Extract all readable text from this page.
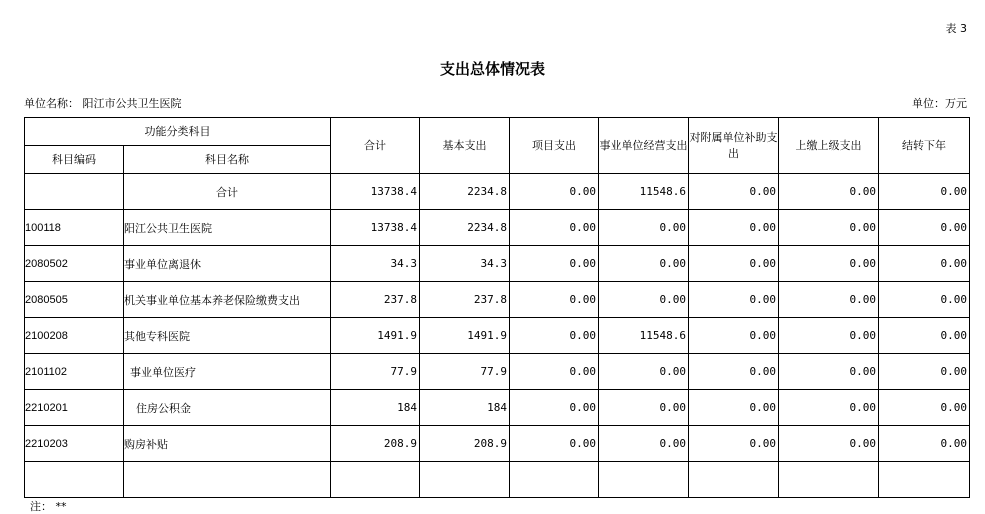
表 3
支出总体情况表
单位名称： 阳江市公共卫生医院	单位：万元
功能分类科目		合计	基本支出	项目支出	事业单位经营支出	对附属单位补助支出	上缴上级支出	结转下年
科目编码	科目名称							
	合计	13738.4	2234.8	0.00	11548.6	0.00	0.00	0.00
100118	阳江公共卫生医院	13738.4	2234.8	0.00	0.00	0.00	0.00	0.00
2080502	事业单位离退休	34.3	34.3	0.00	0.00	0.00	0.00	0.00
2080505	机关事业单位基本养老保险缴费支出	237.8	237.8	0.00	0.00	0.00	0.00	0.00
2100208	其他专科医院	1491.9	1491.9	0.00	11548.6	0.00	0.00	0.00
2101102	事业单位医疗	77.9	77.9	0.00	0.00	0.00	0.00	0.00
2210201	住房公积金	184	184	0.00	0.00	0.00	0.00	0.00
2210203	购房补贴	208.9	208.9	0.00	0.00	0.00	0.00	0.00

注： **
